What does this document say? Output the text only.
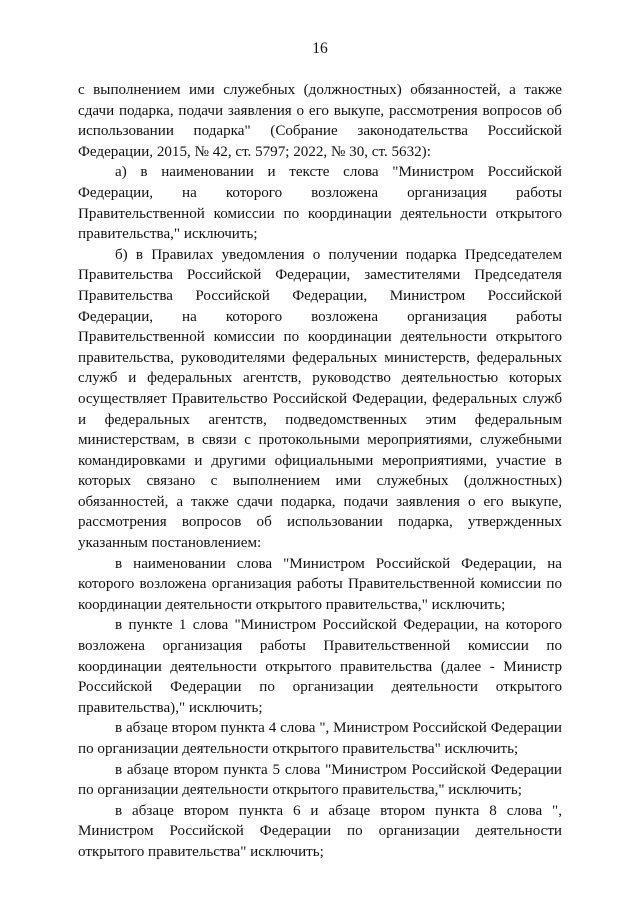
16

с выполнением ими служебных (должностных) обязанностей, а также сдачи подарка, подачи заявления о его выкупе, рассмотрения вопросов об использовании подарка" (Собрание законодательства Российской Федерации, 2015, № 42, ст. 5797; 2022, № 30, ст. 5632):

а) в наименовании и тексте слова "Министром Российской Федерации, на которого возложена организация работы Правительственной комиссии по координации деятельности открытого правительства," исключить;

б) в Правилах уведомления о получении подарка Председателем Правительства Российской Федерации, заместителями Председателя Правительства Российской Федерации, Министром Российской Федерации, на которого возложена организация работы Правительственной комиссии по координации деятельности открытого правительства, руководителями федеральных министерств, федеральных служб и федеральных агентств, руководство деятельностью которых осуществляет Правительство Российской Федерации, федеральных служб и федеральных агентств, подведомственных этим федеральным министерствам, в связи с протокольными мероприятиями, служебными командировками и другими официальными мероприятиями, участие в которых связано с выполнением ими служебных (должностных) обязанностей, а также сдачи подарка, подачи заявления о его выкупе, рассмотрения вопросов об использовании подарка, утвержденных указанным постановлением:

в наименовании слова "Министром Российской Федерации, на которого возложена организация работы Правительственной комиссии по координации деятельности открытого правительства," исключить;

в пункте 1 слова "Министром Российской Федерации, на которого возложена организация работы Правительственной комиссии по координации деятельности открытого правительства (далее - Министр Российской Федерации по организации деятельности открытого правительства)," исключить;

в абзаце втором пункта 4 слова ", Министром Российской Федерации по организации деятельности открытого правительства" исключить;

в абзаце втором пункта 5 слова "Министром Российской Федерации по организации деятельности открытого правительства," исключить;

в абзаце втором пункта 6 и абзаце втором пункта 8 слова ", Министром Российской Федерации по организации деятельности открытого правительства" исключить;
